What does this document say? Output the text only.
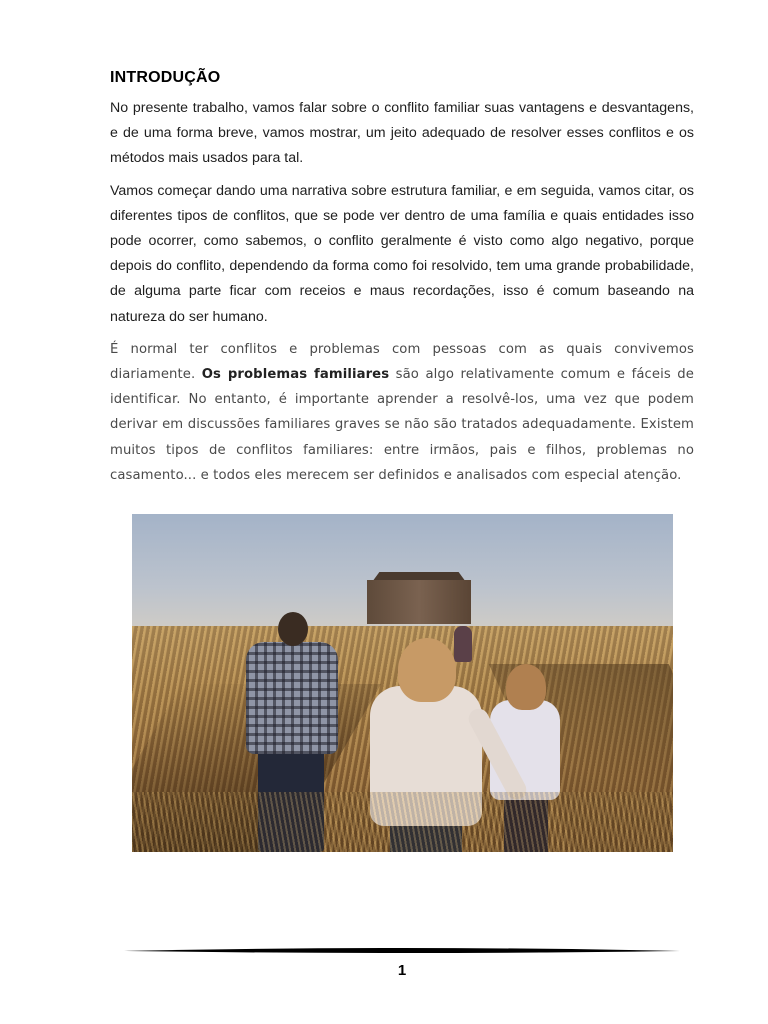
INTRODUÇÃO

No presente trabalho, vamos falar sobre o conflito familiar suas vantagens e desvantagens, e de uma forma breve, vamos mostrar, um jeito adequado de resolver esses conflitos e os métodos mais usados para tal.

Vamos começar dando uma narrativa sobre estrutura familiar, e em seguida, vamos citar, os diferentes tipos de conflitos, que se pode ver dentro de uma família e quais entidades isso pode ocorrer, como sabemos, o conflito geralmente é visto como algo negativo, porque depois do conflito, dependendo da forma como foi resolvido, tem uma grande probabilidade, de alguma parte ficar com receios e maus recordações, isso é comum baseando na natureza do ser humano.

É normal ter conflitos e problemas com pessoas com as quais convivemos diariamente. Os problemas familiares são algo relativamente comum e fáceis de identificar. No entanto, é importante aprender a resolvê-los, uma vez que podem derivar em discussões familiares graves se não são tratados adequadamente. Existem muitos tipos de conflitos familiares: entre irmãos, pais e filhos, problemas no casamento... e todos eles merecem ser definidos e analisados com especial atenção.

1
